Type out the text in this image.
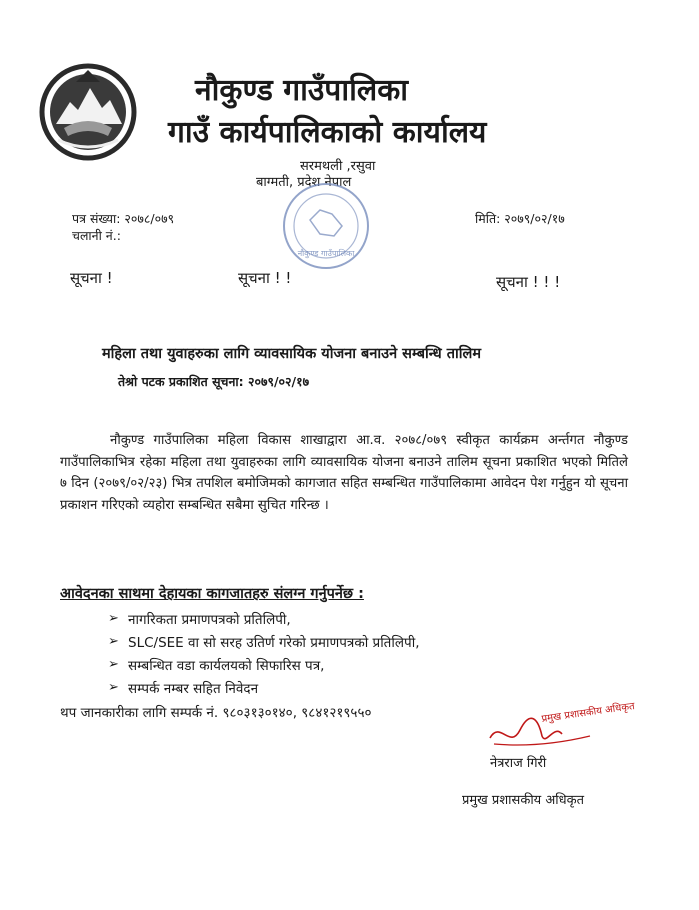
नौकुण्ड गाउँपालिका
गाउँ कार्यपालिकाको कार्यालय
सरमथली ,रसुवा
बाग्मती, प्रदेश नेपाल
नौकुण्ड गाउँपालिका
पत्र संख्या: २०७८/०७९
चलानी नं.:
मिति: २०७९/०२/१७
सूचना !	सूचना ! !	सूचना ! ! !
महिला तथा युवाहरुका लागि व्यावसायिक योजना बनाउने सम्बन्धि तालिम
तेश्रो पटक प्रकाशित सूचना: २०७९/०२/१७

नौकुण्ड गाउँपालिका महिला विकास शाखाद्वारा आ.व. २०७८/०७९ स्वीकृत कार्यक्रम अर्न्तगत नौकुण्ड गाउँपालिकाभित्र रहेका महिला तथा युवाहरुका लागि व्यावसायिक योजना बनाउने तालिम सूचना प्रकाशित भएको मितिले ७ दिन (२०७९/०२/२३) भित्र तपशिल बमोजिमको कागजात सहित सम्बन्धित गाउँपालिकामा आवेदन पेश गर्नुहुन यो सूचना प्रकाशन गरिएको व्यहोरा सम्बन्धित सबैमा सुचित गरिन्छ ।

आवेदनका साथमा देहायका कागजातहरु संलग्न गर्नुपर्नेछ :
➢ नागरिकता प्रमाणपत्रको प्रतिलिपी,
➢ SLC/SEE वा सो सरह उतिर्ण गरेको प्रमाणपत्रको प्रतिलिपी,
➢ सम्बन्धित वडा कार्यलयको सिफारिस पत्र,
➢ सम्पर्क नम्बर सहित निवेदन
थप जानकारीका लागि सम्पर्क नं. ९८०३१३०१४०, ९८४१२१९५५०	प्रमुख प्रशासकीय अधिकृत
नेत्रराज गिरी
प्रमुख प्रशासकीय अधिकृत
